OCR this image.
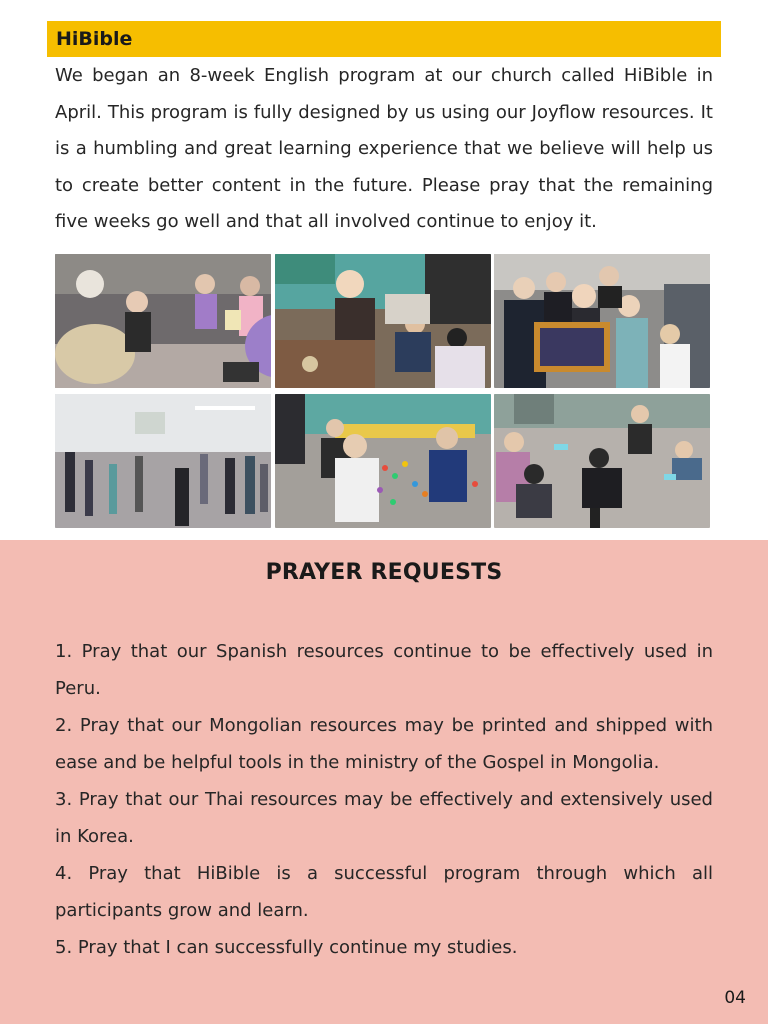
HiBible

We began an 8-week English program at our church called HiBible in April. This program is fully designed by us using our Joyflow resources. It is a humbling and great learning experience that we believe will help us to create better content in the future. Please pray that the remaining five weeks go well and that all involved continue to enjoy it.

PRAYER REQUESTS
1. Pray that our Spanish resources continue to be effectively used in Peru.
2. Pray that our Mongolian resources may be printed and shipped with ease and be helpful tools in the ministry of the Gospel in Mongolia.
3. Pray that our Thai resources may be effectively and extensively used in Korea.
4. Pray that HiBible is a successful program through which all participants grow and learn.
5. Pray that I can successfully continue my studies.
04
